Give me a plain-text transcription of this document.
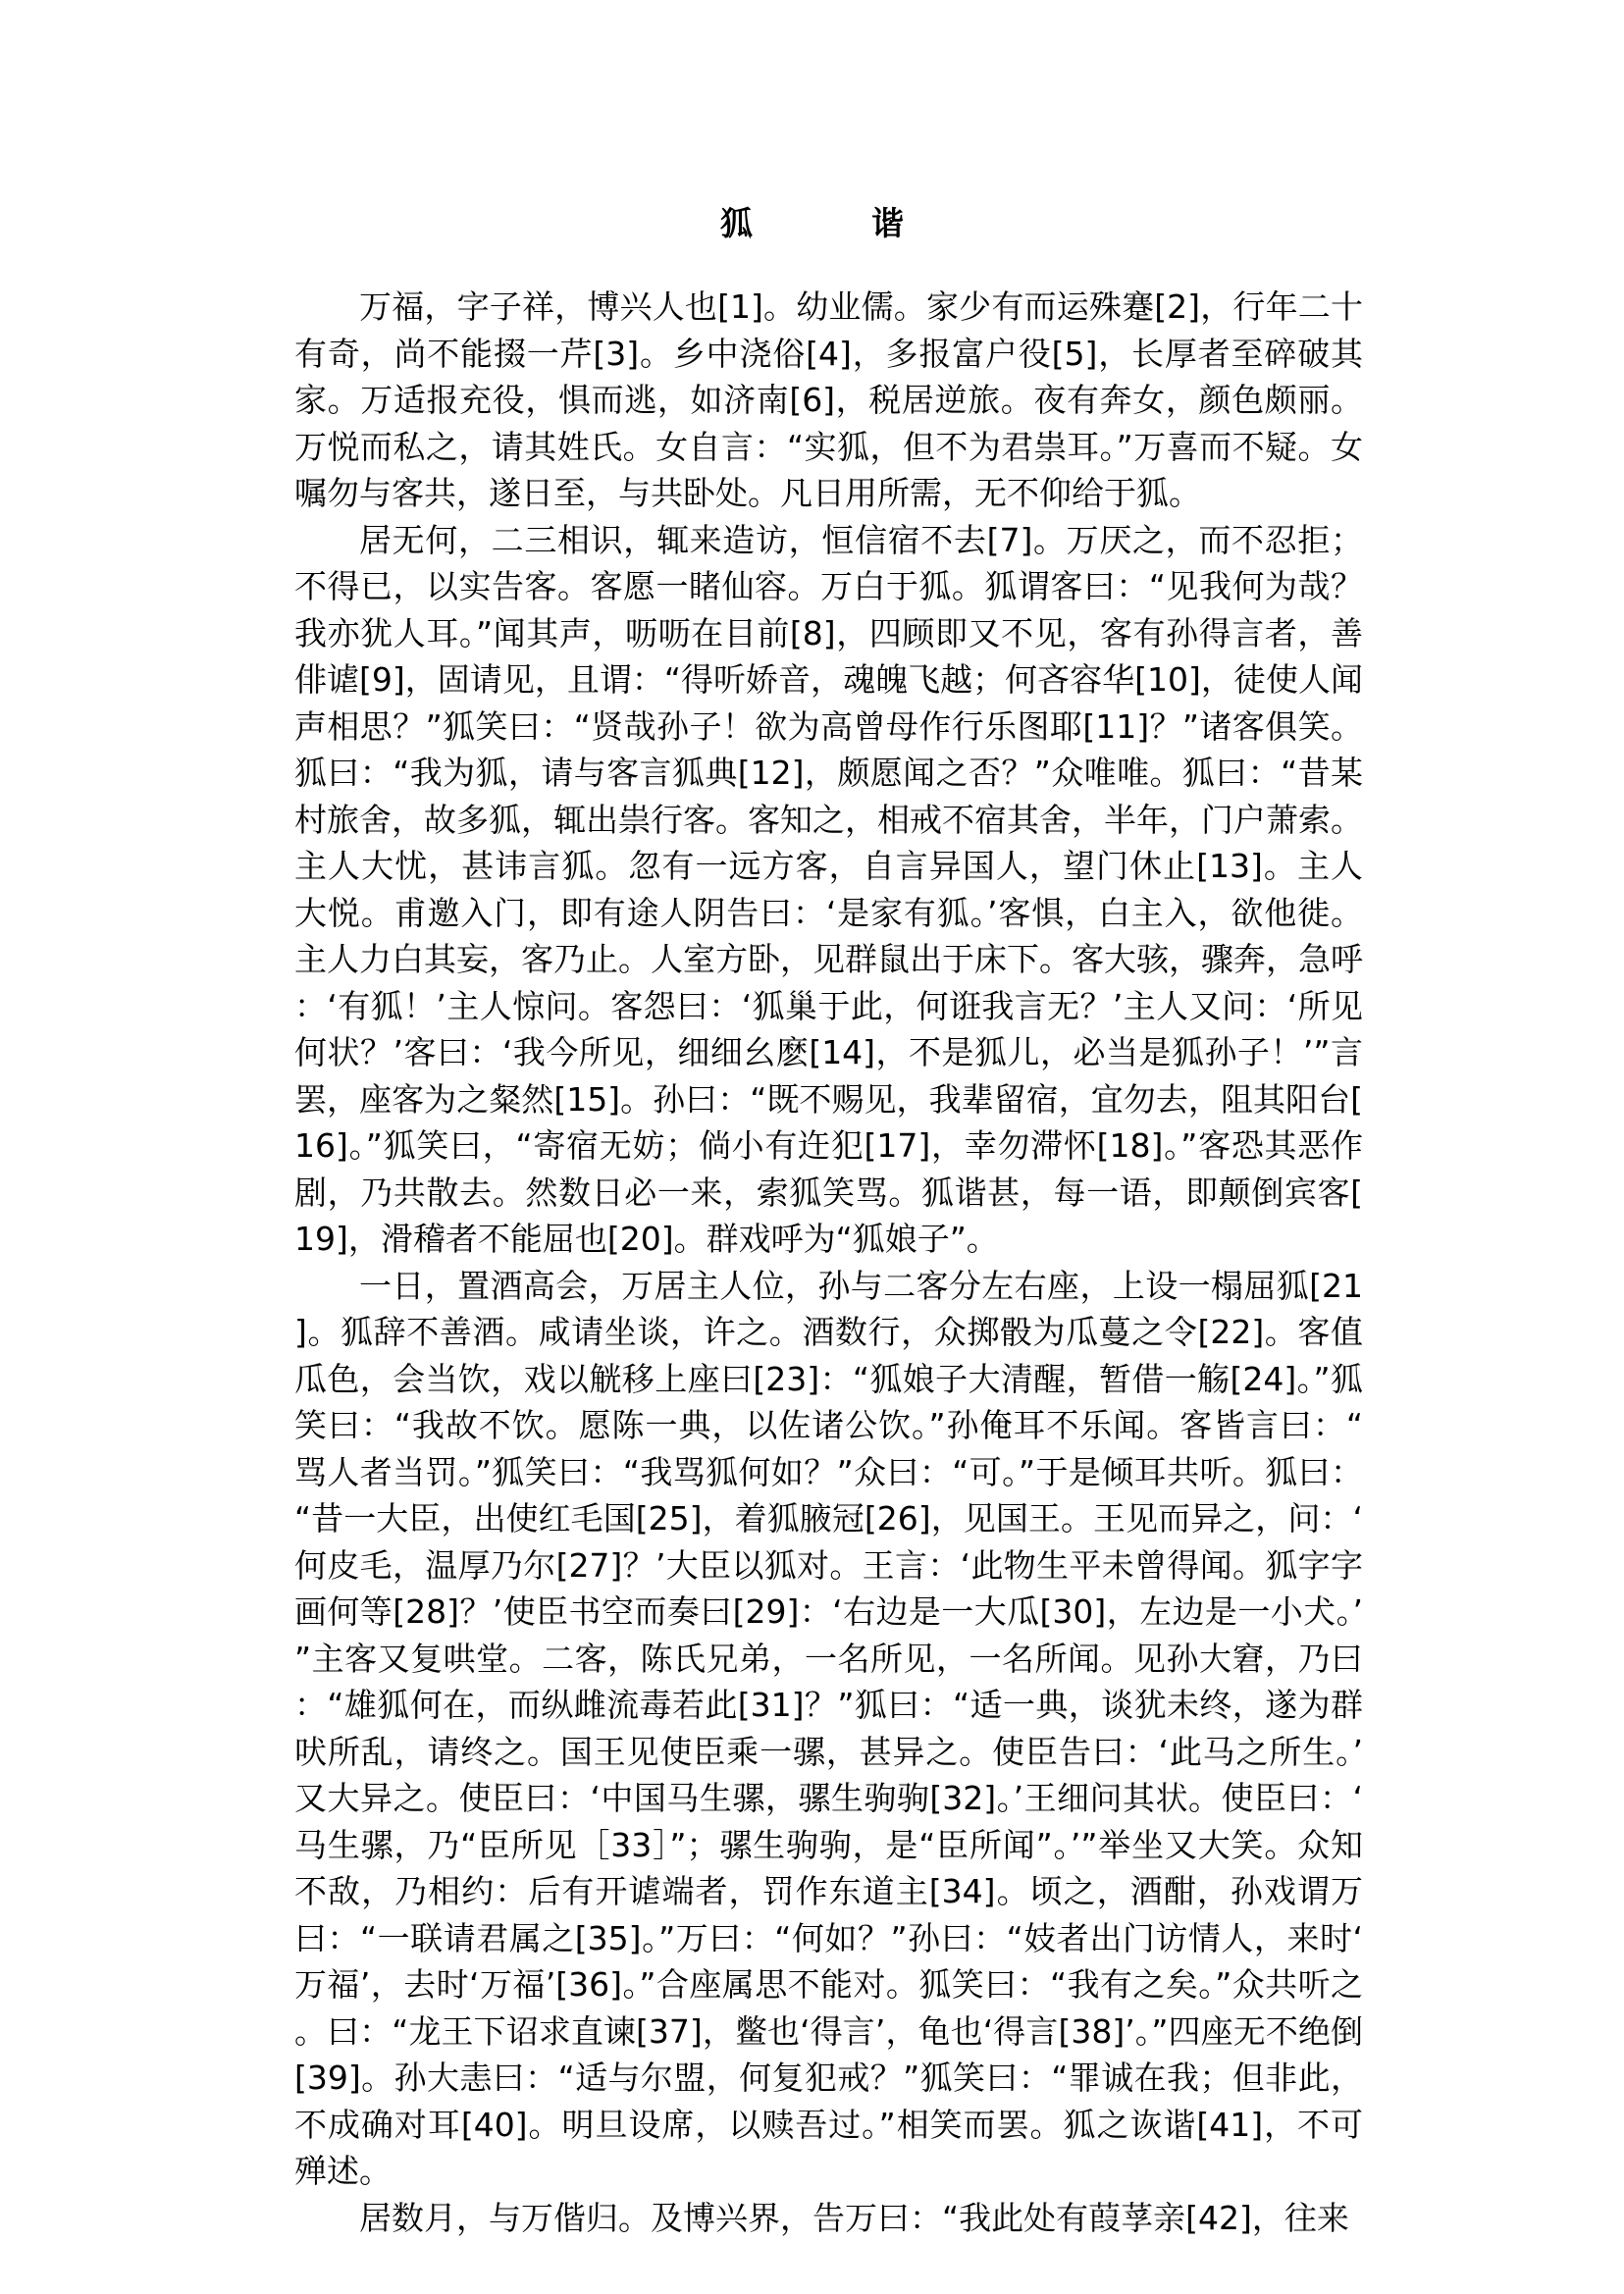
狐　谐

万福，字子祥，博兴人也[1]。幼业儒。家少有而运殊蹇[2]，行年二十有奇，尚不能掇一芹[3]。乡中浇俗[4]，多报富户役[5]，长厚者至碎破其家。万适报充役，惧而逃，如济南[6]，税居逆旅。夜有奔女，颜色颇丽。万悦而私之，请其姓氏。女自言：“实狐，但不为君祟耳。”万喜而不疑。女嘱勿与客共，遂日至，与共卧处。凡日用所需，无不仰给于狐。

居无何，二三相识，辄来造访，恒信宿不去[7]。万厌之，而不忍拒；不得已，以实告客。客愿一睹仙容。万白于狐。狐谓客曰：“见我何为哉？我亦犹人耳。”闻其声，呖呖在目前[8]，四顾即又不见，客有孙得言者，善俳谑[9]，固请见，且谓：“得听娇音，魂魄飞越；何吝容华[10]，徒使人闻声相思？”狐笑曰：“贤哉孙子！欲为高曾母作行乐图耶[11]？”诸客俱笑。狐曰：“我为狐，请与客言狐典[12]，颇愿闻之否？”众唯唯。狐曰：“昔某村旅舍，故多狐，辄出祟行客。客知之，相戒不宿其舍，半年，门户萧索。主人大忧，甚讳言狐。忽有一远方客，自言异国人，望门休止[13]。主人大悦。甫邀入门，即有途人阴告曰：‘是家有狐。’客惧，白主入，欲他徙。主人力白其妄，客乃止。人室方卧，见群鼠出于床下。客大骇，骤奔，急呼：‘有狐！’主人惊问。客怨曰：‘狐巢于此，何诳我言无？’主人又问：‘所见何状？’客曰：‘我今所见，细细幺麽[14]，不是狐儿，必当是狐孙子！’”言罢，座客为之粲然[15]。孙曰：“既不赐见，我辈留宿，宜勿去，阻其阳台[16]。”狐笑曰，“寄宿无妨；倘小有迕犯[17]，幸勿滞怀[18]。”客恐其恶作剧，乃共散去。然数日必一来，索狐笑骂。狐谐甚，每一语，即颠倒宾客[19]，滑稽者不能屈也[20]。群戏呼为“狐娘子”。

一日，置酒高会，万居主人位，孙与二客分左右座，上设一榻屈狐[21]。狐辞不善酒。咸请坐谈，许之。酒数行，众掷骰为瓜蔓之令[22]。客值瓜色，会当饮，戏以觥移上座曰[23]：“狐娘子大清醒，暂借一觞[24]。”狐笑曰：“我故不饮。愿陈一典，以佐诸公饮。”孙俺耳不乐闻。客皆言曰：“骂人者当罚。”狐笑曰：“我骂狐何如？”众曰：“可。”于是倾耳共听。狐曰：“昔一大臣，出使红毛国[25]，着狐腋冠[26]，见国王。王见而异之，问：‘何皮毛，温厚乃尔[27]？’大臣以狐对。王言：‘此物生平未曾得闻。狐字字画何等[28]？’使臣书空而奏曰[29]：‘右边是一大瓜[30]，左边是一小犬。’”主客又复哄堂。二客，陈氏兄弟，一名所见，一名所闻。见孙大窘，乃曰：“雄狐何在，而纵雌流毒若此[31]？”狐曰：“适一典，谈犹未终，遂为群吠所乱，请终之。国王见使臣乘一骡，甚异之。使臣告曰：‘此马之所生。’又大异之。使臣曰：‘中国马生骡，骡生驹驹[32]。’王细问其状。使臣曰：‘马生骡，乃“臣所见［33］”；骡生驹驹，是“臣所闻”。’”举坐又大笑。众知不敌，乃相约：后有开谑端者，罚作东道主[34]。顷之，酒酣，孙戏谓万曰：“一联请君属之[35]。”万曰：“何如？”孙曰：“妓者出门访情人，来时‘万福’，去时‘万福’[36]。”合座属思不能对。狐笑曰：“我有之矣。”众共听之。曰：“龙王下诏求直谏[37]，鳖也‘得言’，龟也‘得言[38]’。”四座无不绝倒[39]。孙大恚曰：“适与尔盟，何复犯戒？”狐笑曰：“罪诚在我；但非此，不成确对耳[40]。明旦设席，以赎吾过。”相笑而罢。狐之诙谐[41]，不可殚述。

居数月，与万偕归。及博兴界，告万曰：“我此处有葭莩亲[42]，往来
